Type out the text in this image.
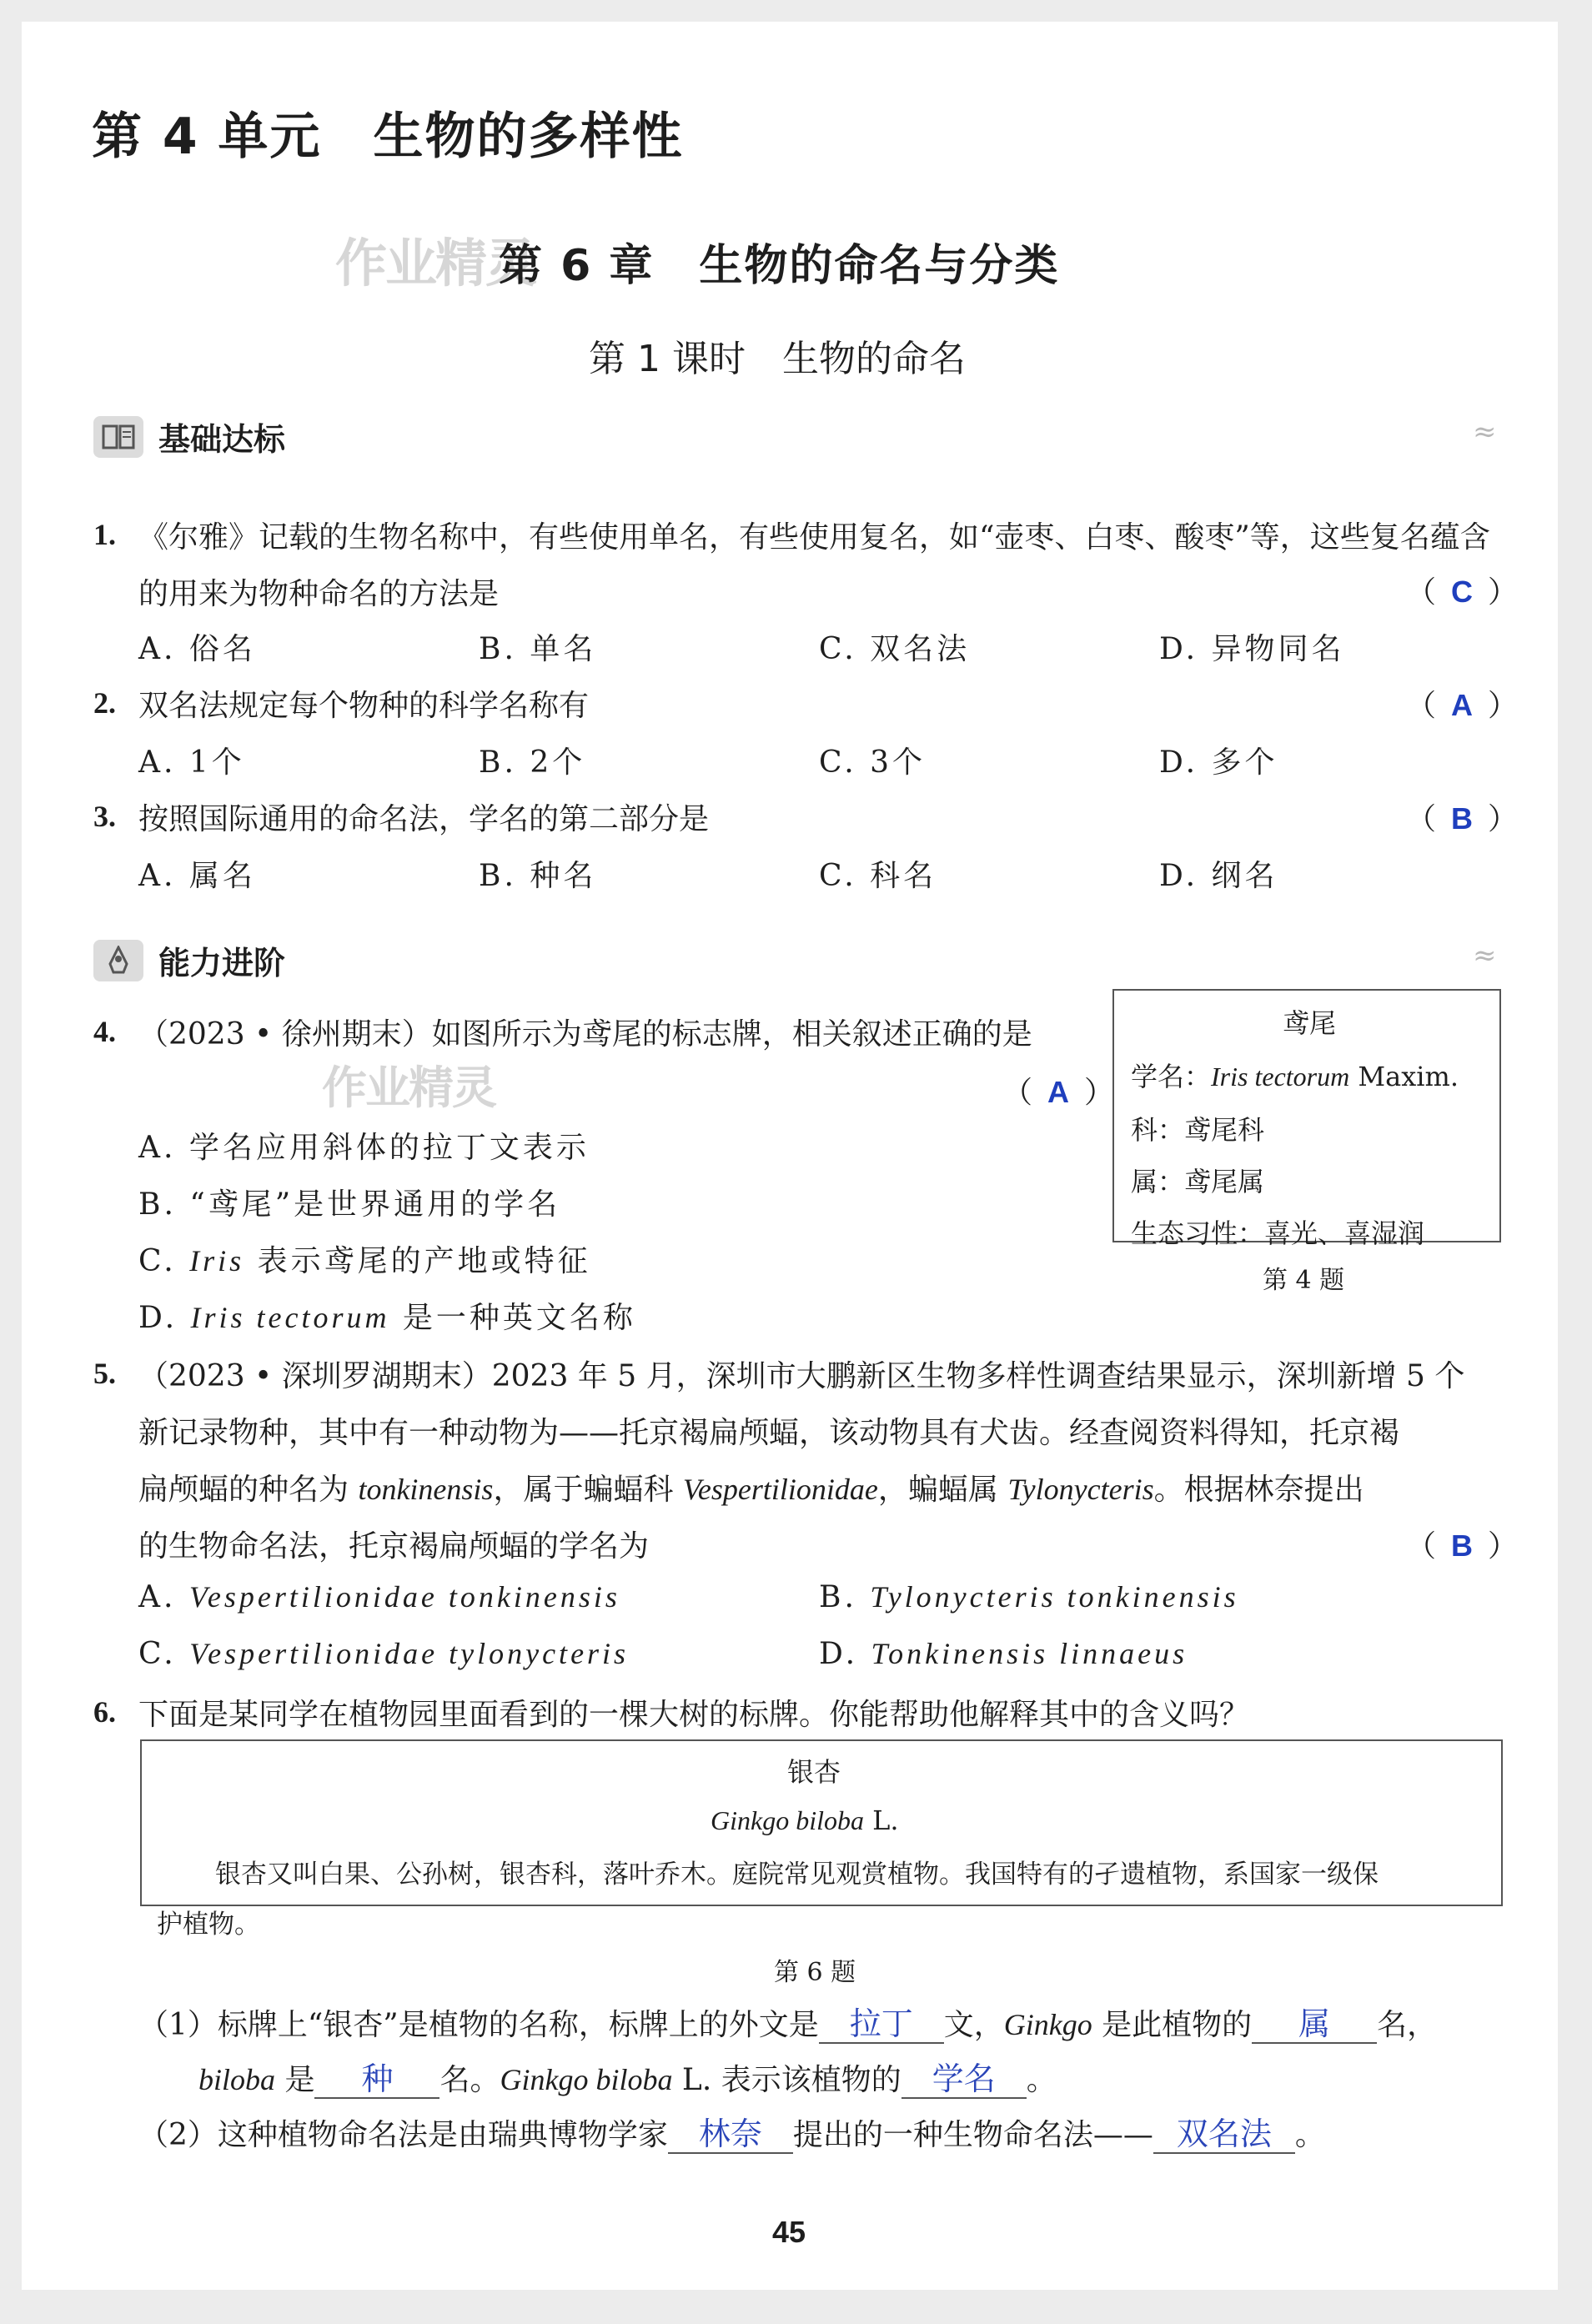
第 4 单元　生物的多样性
作业精灵
第 6 章　生物的命名与分类
第 1 课时　生物的命名
基础达标	≈
1. 《尔雅》记载的生物名称中，有些使用单名，有些使用复名，如“壶枣、白枣、酸枣”等，这些复名蕴含
的用来为物种命名的方法是	（ C ）
A. 俗名	B. 单名	C. 双名法	D. 异物同名
2. 双名法规定每个物种的科学名称有	（ A ）
A. 1个	B. 2个	C. 3个	D. 多个
3. 按照国际通用的命名法，学名的第二部分是	（ B ）
A. 属名	B. 种名	C. 科名	D. 纲名
能力进阶	≈
4. （2023 • 徐州期末）如图所示为鸢尾的标志牌，相关叙述正确的是
作业精灵	（ A ）
A. 学名应用斜体的拉丁文表示
B. “鸢尾”是世界通用的学名
C. Iris 表示鸢尾的产地或特征
D. Iris tectorum 是一种英文名称
鸢尾
学名：Iris tectorum Maxim.
科：鸢尾科
属：鸢尾属
生态习性：喜光、喜湿润
第 4 题
5. （2023 • 深圳罗湖期末）2023 年 5 月，深圳市大鹏新区生物多样性调查结果显示，深圳新增 5 个
新记录物种，其中有一种动物为——托京褐扁颅蝠，该动物具有犬齿。经查阅资料得知，托京褐
扁颅蝠的种名为 tonkinensis，属于蝙蝠科 Vespertilionidae，蝙蝠属 Tylonycteris。根据林奈提出
的生物命名法，托京褐扁颅蝠的学名为	（ B ）
A. Vespertilionidae tonkinensis	B. Tylonycteris tonkinensis
C. Vespertilionidae tylonycteris	D. Tonkinensis linnaeus
6. 下面是某同学在植物园里面看到的一棵大树的标牌。你能帮助他解释其中的含义吗？
银杏
Ginkgo biloba L.
银杏又叫白果、公孙树，银杏科，落叶乔木。庭院常见观赏植物。我国特有的孑遗植物，系国家一级保
护植物。
第 6 题
（1）标牌上“银杏”是植物的名称，标牌上的外文是 拉丁 文，Ginkgo 是此植物的 属 名，
biloba 是 种 名。Ginkgo biloba L. 表示该植物的 学名 。
（2）这种植物命名法是由瑞典博物学家 林奈 提出的一种生物命名法—— 双名法 。
45
